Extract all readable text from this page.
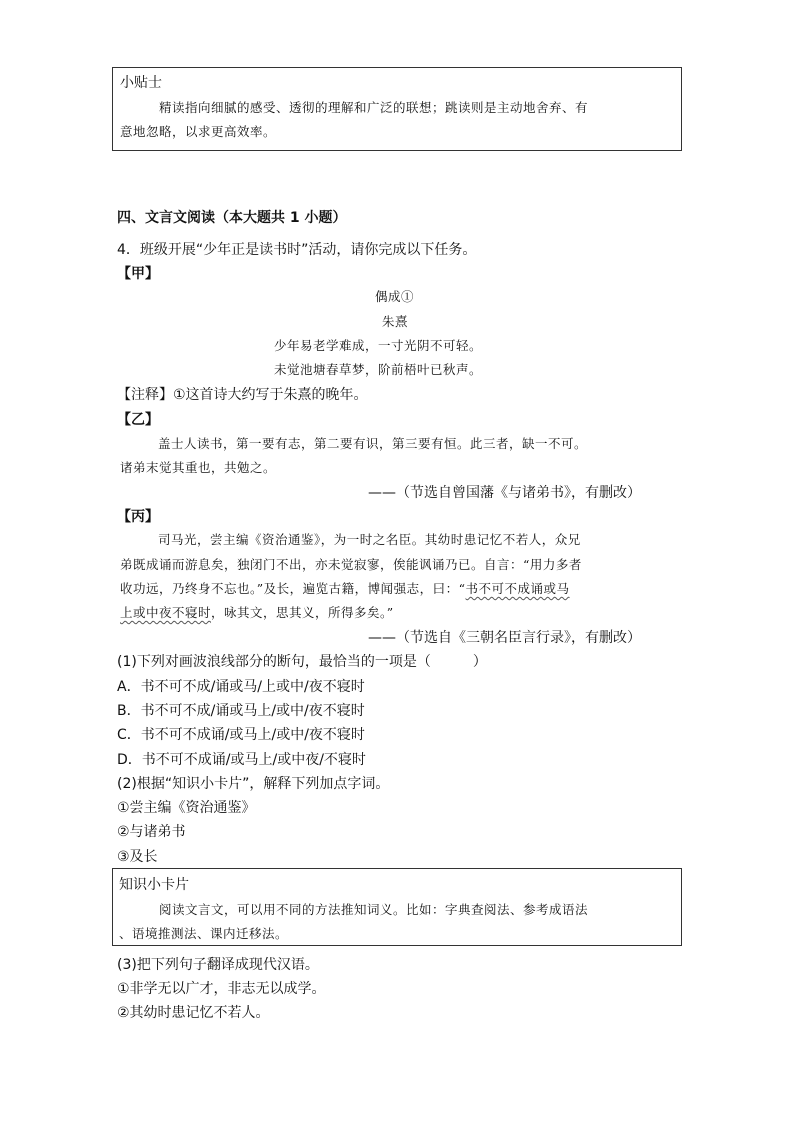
小贴士
精读指向细腻的感受、透彻的理解和广泛的联想；跳读则是主动地舍弃、有
意地忽略，以求更高效率。
四、文言文阅读（本大题共 1 小题）
4．班级开展“少年正是读书时”活动，请你完成以下任务。
【甲】
偶成①
朱熹
少年易老学难成，一寸光阴不可轻。
未觉池塘春草梦，阶前梧叶已秋声。
【注释】①这首诗大约写于朱熹的晚年。
【乙】
盖士人读书，第一要有志，第二要有识，第三要有恒。此三者，缺一不可。
诸弟末觉其重也，共勉之。
——（节选自曾国藩《与诸弟书》，有删改）
【丙】
司马光，尝主编《资治通鉴》，为一时之名臣。其幼时患记忆不若人，众兄
弟既成诵而游息矣，独闭门不出，亦未觉寂寥，俟能讽诵乃已。自言：“用力多者
收功远，乃终身不忘也。”及长，遍览古籍，博闻强志，曰：“书不可不成诵或马
上或中夜不寝时，咏其文，思其义，所得多矣。”
——（节选自《三朝名臣言行录》，有删改）
(1)下列对画波浪线部分的断句，最恰当的一项是（　　　）
A．书不可不成/诵或马/上或中/夜不寝时
B．书不可不成/诵或马上/或中/夜不寝时
C．书不可不成诵/或马上/或中/夜不寝时
D．书不可不成诵/或马上/或中夜/不寝时
(2)根据“知识小卡片”，解释下列加点字词。
①尝主编《资治通鉴》
②与诸弟书
③及长
知识小卡片
阅读文言文，可以用不同的方法推知词义。比如：字典查阅法、参考成语法
、语境推测法、课内迁移法。
(3)把下列句子翻译成现代汉语。
①非学无以广才，非志无以成学。
②其幼时患记忆不若人。
